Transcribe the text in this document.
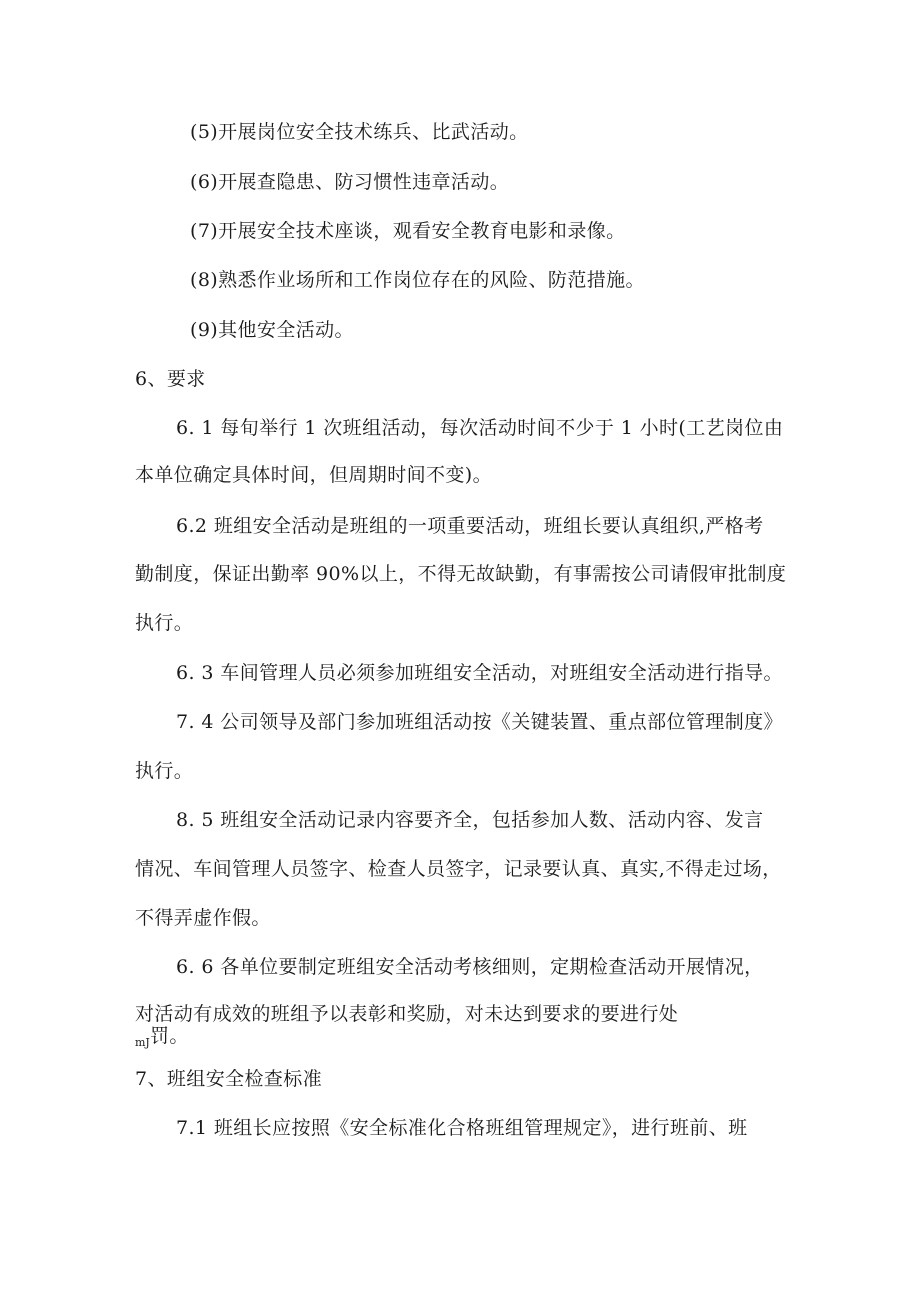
(5)开展岗位安全技术练兵、比武活动。
(6)开展查隐患、防习惯性违章活动。
(7)开展安全技术座谈，观看安全教育电影和录像。
(8)熟悉作业场所和工作岗位存在的风险、防范措施。
(9)其他安全活动。
6、要求
6. 1 每旬举行 1 次班组活动，每次活动时间不少于 1 小时(工艺岗位由
本单位确定具体时间，但周期时间不变)。
6.2 班组安全活动是班组的一项重要活动，班组长要认真组织,严格考
勤制度，保证出勤率 90%以上，不得无故缺勤，有事需按公司请假审批制度
执行。
6. 3 车间管理人员必须参加班组安全活动，对班组安全活动进行指导。
7. 4 公司领导及部门参加班组活动按《关键装置、重点部位管理制度》
执行。
8. 5 班组安全活动记录内容要齐全，包括参加人数、活动内容、发言
情况、车间管理人员签字、检查人员签字，记录要认真、真实,不得走过场，
不得弄虚作假。
6. 6 各单位要制定班组安全活动考核细则，定期检查活动开展情况，
对活动有成效的班组予以表彰和奖励，对未达到要求的要进行处
mJ 罚。
7、班组安全检查标准
7.1 班组长应按照《安全标准化合格班组管理规定》，进行班前、班
